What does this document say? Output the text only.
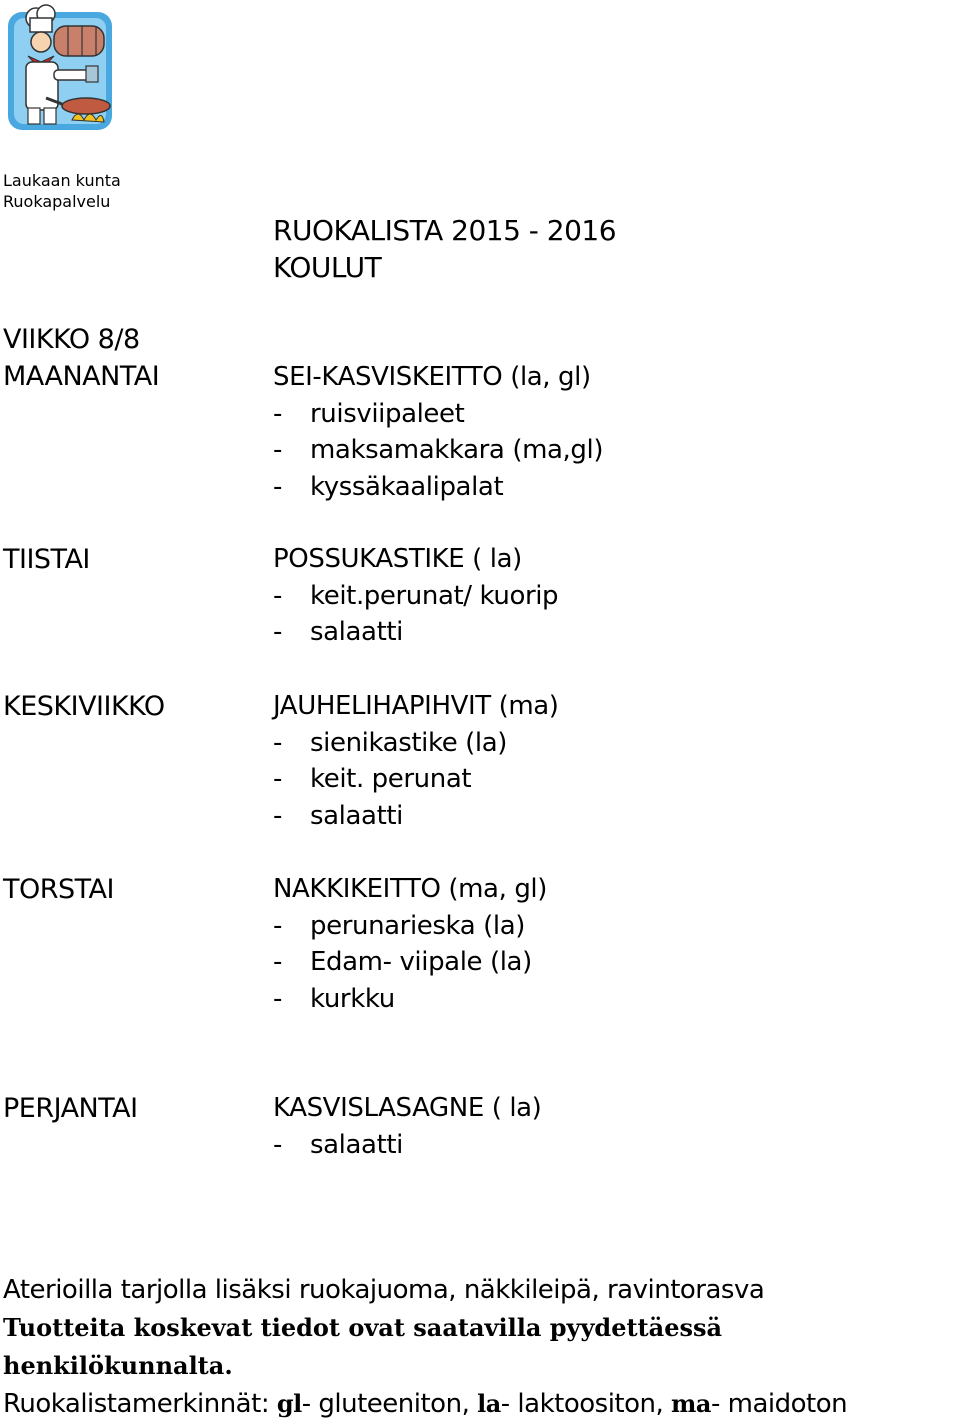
Laukaan kunta
Ruokapalvelu
RUOKALISTA 2015 - 2016
KOULUT
VIIKKO 8/8
MAANANTAI	SEI-KASVISKEITTO (la, gl)
-	ruisviipaleet
-	maksamakkara (ma,gl)
-	kyssäkaalipalat
TIISTAI	POSSUKASTIKE ( la)
-	keit.perunat/ kuorip
-	salaatti
KESKIVIIKKO	JAUHELIHAPIHVIT (ma)
-	sienikastike (la)
-	keit. perunat
-	salaatti
TORSTAI	NAKKIKEITTO (ma, gl)
-	perunarieska (la)
-	Edam- viipale (la)
-	kurkku
PERJANTAI	KASVISLASAGNE ( la)
-	salaatti
Aterioilla tarjolla lisäksi ruokajuoma, näkkileipä, ravintorasva
Tuotteita koskevat tiedot ovat saatavilla pyydettäessä henkilökunnalta.
Ruokalistamerkinnät: gl- gluteeniton, la- laktoositon, ma- maidoton
